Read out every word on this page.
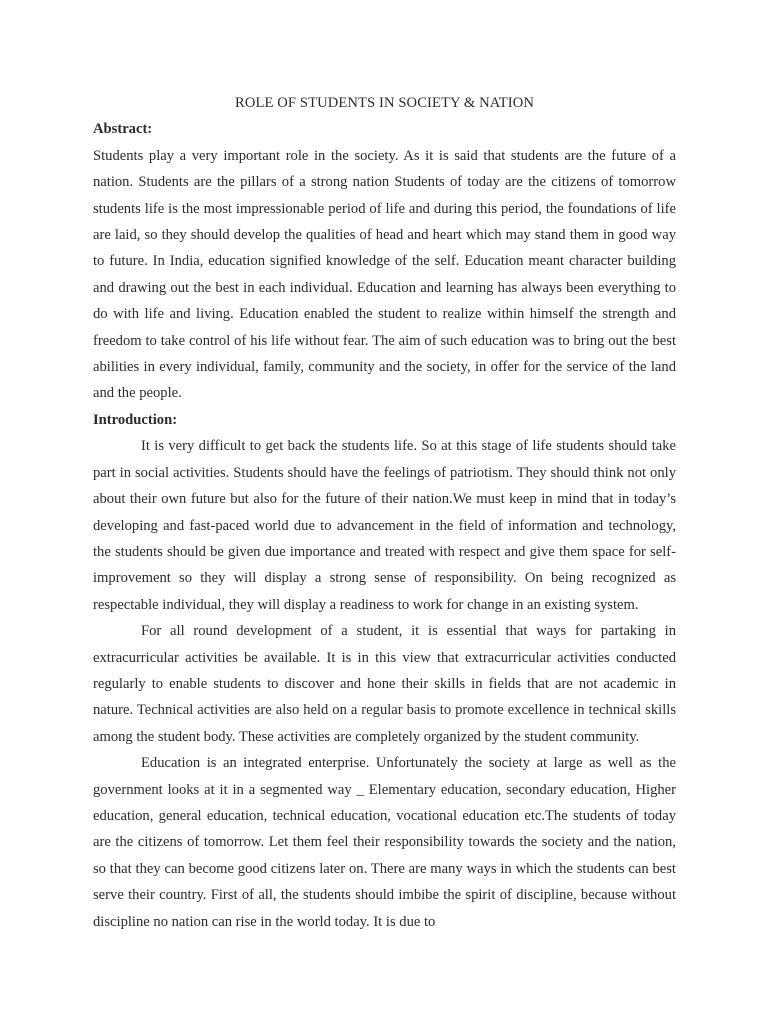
ROLE OF STUDENTS IN SOCIETY & NATION

Abstract:

Students play a very important role in the society. As it is said that students are the future of a nation. Students are the pillars of a strong nation Students of today are the citizens of tomorrow students life is the most impressionable period of life and during this period, the foundations of life are laid, so they should develop the qualities of head and heart which may stand them in good way to future. In India, education signified knowledge of the self. Education meant character building and drawing out the best in each individual. Education and learning has always been everything to do with life and living. Education enabled the student to realize within himself the strength and freedom to take control of his life without fear. The aim of such education was to bring out the best abilities in every individual, family, community and the society, in offer for the service of the land and the people.

Introduction:

It is very difficult to get back the students life. So at this stage of life students should take part in social activities. Students should have the feelings of patriotism. They should think not only about their own future but also for the future of their nation.We must keep in mind that in today’s developing and fast-paced world due to advancement in the field of information and technology, the students should be given due importance and treated with respect and give them space for self-improvement so they will display a strong sense of responsibility. On being recognized as respectable individual, they will display a readiness to work for change in an existing system.

For all round development of a student, it is essential that ways for partaking in extracurricular activities be available. It is in this view that extracurricular activities conducted regularly to enable students to discover and hone their skills in fields that are not academic in nature. Technical activities are also held on a regular basis to promote excellence in technical skills among the student body. These activities are completely organized by the student community.

Education is an integrated enterprise. Unfortunately the society at large as well as the government looks at it in a segmented way _ Elementary education, secondary education, Higher education, general education, technical education, vocational education etc.The students of today are the citizens of tomorrow. Let them feel their responsibility towards the society and the nation, so that they can become good citizens later on. There are many ways in which the students can best serve their country. First of all, the students should imbibe the spirit of discipline, because without discipline no nation can rise in the world today. It is due to
